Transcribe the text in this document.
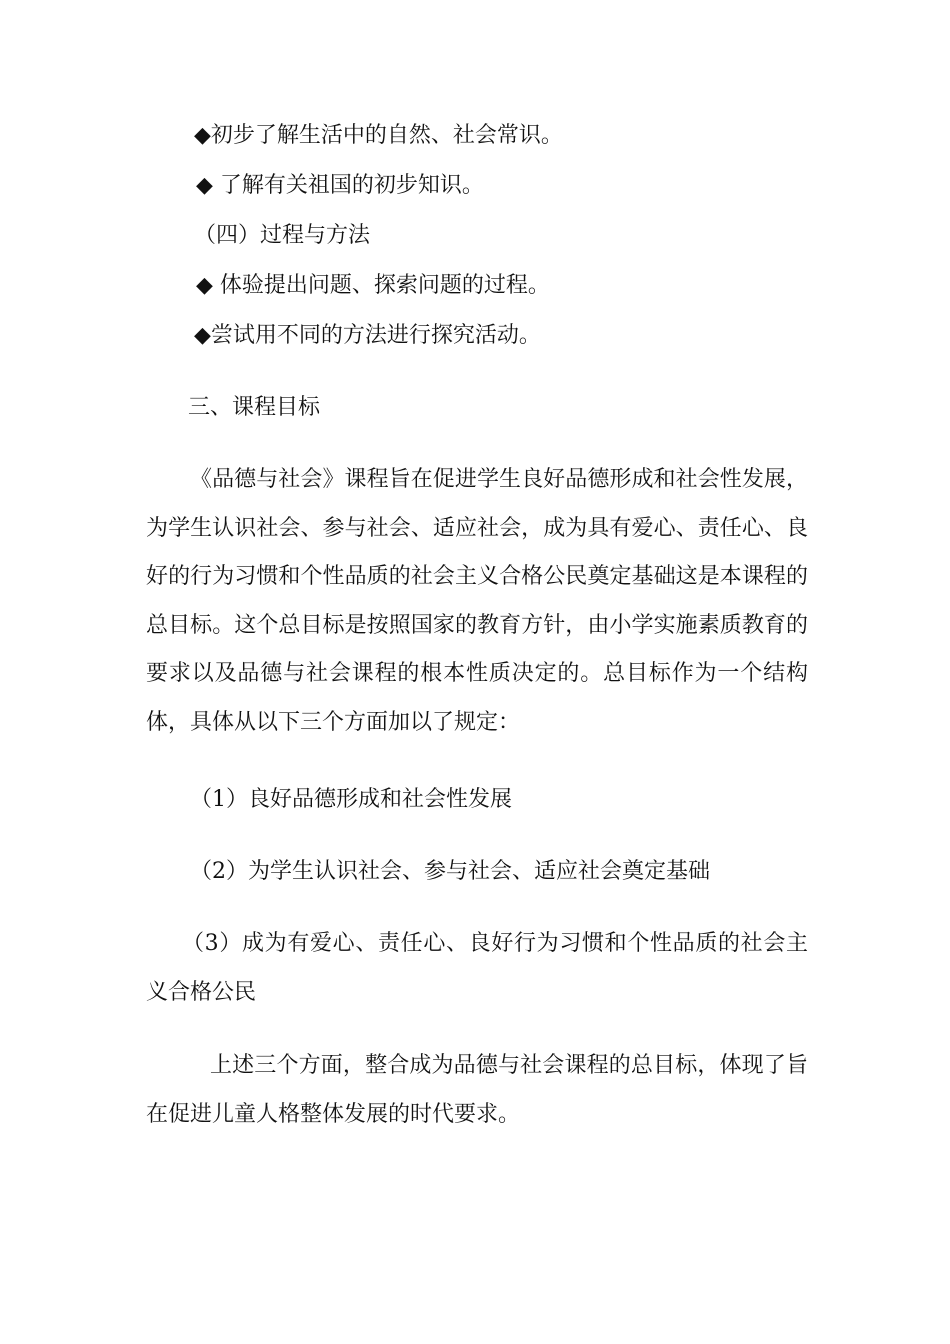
◆初步了解生活中的自然、社会常识。
◆ 了解有关祖国的初步知识。
（四）过程与方法
◆ 体验提出问题、探索问题的过程。
◆尝试用不同的方法进行探究活动。
三、课程目标
《品德与社会》课程旨在促进学生良好品德形成和社会性发展，为学生认识社会、参与社会、适应社会，成为具有爱心、责任心、良好的行为习惯和个性品质的社会主义合格公民奠定基础这是本课程的总目标。这个总目标是按照国家的教育方针，由小学实施素质教育的要求以及品德与社会课程的根本性质决定的。总目标作为一个结构体，具体从以下三个方面加以了规定：
（1）良好品德形成和社会性发展
（2）为学生认识社会、参与社会、适应社会奠定基础
（3）成为有爱心、责任心、良好行为习惯和个性品质的社会主义合格公民
上述三个方面，整合成为品德与社会课程的总目标，体现了旨在促进儿童人格整体发展的时代要求。
